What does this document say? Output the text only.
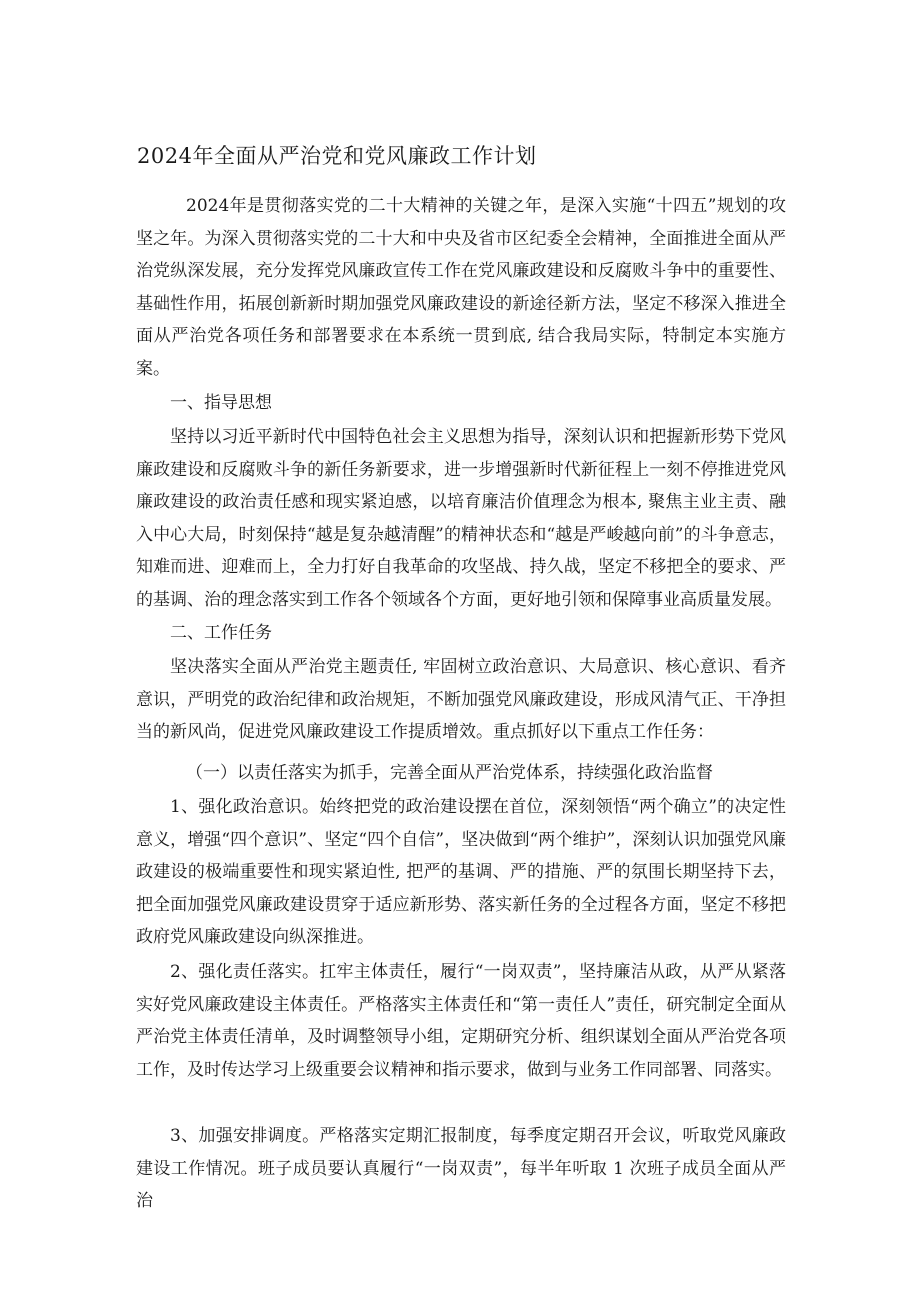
2024年全面从严治党和党风廉政工作计划

2024年是贯彻落实党的二十大精神的关键之年，是深入实施“十四五”规划的攻坚之年。为深入贯彻落实党的二十大和中央及省市区纪委全会精神，全面推进全面从严治党纵深发展，充分发挥党风廉政宣传工作在党风廉政建设和反腐败斗争中的重要性、基础性作用，拓展创新新时期加强党风廉政建设的新途径新方法，坚定不移深入推进全面从严治党各项任务和部署要求在本系统一贯到底, 结合我局实际，特制定本实施方案。

一、指导思想

坚持以习近平新时代中国特色社会主义思想为指导，深刻认识和把握新形势下党风廉政建设和反腐败斗争的新任务新要求，进一步增强新时代新征程上一刻不停推进党风廉政建设的政治责任感和现实紧迫感，以培育廉洁价值理念为根本, 聚焦主业主责、融入中心大局，时刻保持“越是复杂越清醒”的精神状态和“越是严峻越向前”的斗争意志，知难而进、迎难而上，全力打好自我革命的攻坚战、持久战，坚定不移把全的要求、严的基调、治的理念落实到工作各个领域各个方面，更好地引领和保障事业高质量发展。

二、工作任务

坚决落实全面从严治党主题责任, 牢固树立政治意识、大局意识、核心意识、看齐意识，严明党的政治纪律和政治规矩，不断加强党风廉政建设，形成风清气正、干净担当的新风尚，促进党风廉政建设工作提质增效。重点抓好以下重点工作任务：

（一）以责任落实为抓手，完善全面从严治党体系，持续强化政治监督

1、强化政治意识。始终把党的政治建设摆在首位，深刻领悟“两个确立”的决定性意义，增强“四个意识”、坚定“四个自信”，坚决做到“两个维护”，深刻认识加强党风廉政建设的极端重要性和现实紧迫性, 把严的基调、严的措施、严的氛围长期坚持下去，把全面加强党风廉政建设贯穿于适应新形势、落实新任务的全过程各方面，坚定不移把政府党风廉政建设向纵深推进。

2、强化责任落实。扛牢主体责任，履行“一岗双责”，坚持廉洁从政，从严从紧落实好党风廉政建设主体责任。严格落实主体责任和“第一责任人”责任，研究制定全面从严治党主体责任清单，及时调整领导小组，定期研究分析、组织谋划全面从严治党各项工作，及时传达学习上级重要会议精神和指示要求，做到与业务工作同部署、同落实。

3、加强安排调度。严格落实定期汇报制度，每季度定期召开会议，听取党风廉政建设工作情况。班子成员要认真履行“一岗双责”，每半年听取 1 次班子成员全面从严治
